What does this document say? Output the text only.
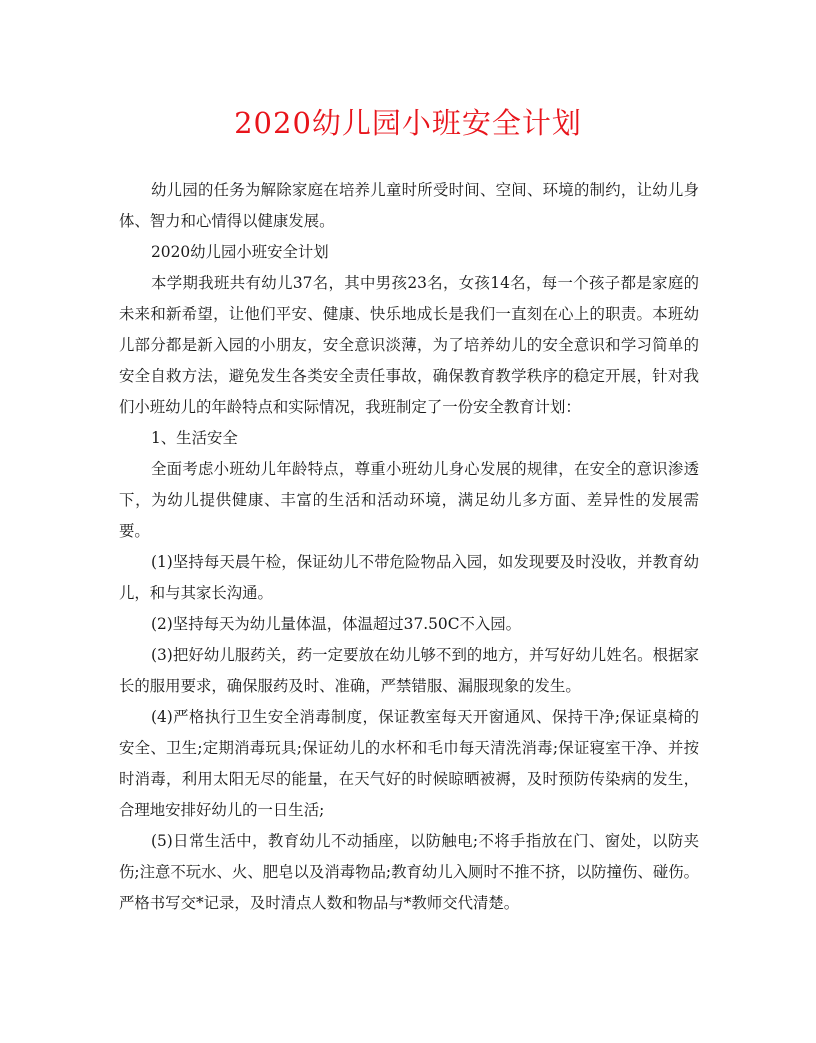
2020幼儿园小班安全计划

幼儿园的任务为解除家庭在培养儿童时所受时间、空间、环境的制约，让幼儿身体、智力和心情得以健康发展。

2020幼儿园小班安全计划

本学期我班共有幼儿37名，其中男孩23名，女孩14名，每一个孩子都是家庭的未来和新希望，让他们平安、健康、快乐地成长是我们一直刻在心上的职责。本班幼儿部分都是新入园的小朋友，安全意识淡薄，为了培养幼儿的安全意识和学习简单的安全自救方法，避免发生各类安全责任事故，确保教育教学秩序的稳定开展，针对我们小班幼儿的年龄特点和实际情况，我班制定了一份安全教育计划：

1、生活安全

全面考虑小班幼儿年龄特点，尊重小班幼儿身心发展的规律，在安全的意识渗透下，为幼儿提供健康、丰富的生活和活动环境，满足幼儿多方面、差异性的发展需要。

(1)坚持每天晨午检，保证幼儿不带危险物品入园，如发现要及时没收，并教育幼儿，和与其家长沟通。

(2)坚持每天为幼儿量体温，体温超过37.50C不入园。

(3)把好幼儿服药关，药一定要放在幼儿够不到的地方，并写好幼儿姓名。根据家长的服用要求，确保服药及时、准确，严禁错服、漏服现象的发生。

(4)严格执行卫生安全消毒制度，保证教室每天开窗通风、保持干净;保证桌椅的安全、卫生;定期消毒玩具;保证幼儿的水杯和毛巾每天清洗消毒;保证寝室干净、并按时消毒，利用太阳无尽的能量，在天气好的时候晾晒被褥，及时预防传染病的发生，合理地安排好幼儿的一日生活;

(5)日常生活中，教育幼儿不动插座，以防触电;不将手指放在门、窗处，以防夹伤;注意不玩水、火、肥皂以及消毒物品;教育幼儿入厕时不推不挤，以防撞伤、碰伤。严格书写交*记录，及时清点人数和物品与*教师交代清楚。
